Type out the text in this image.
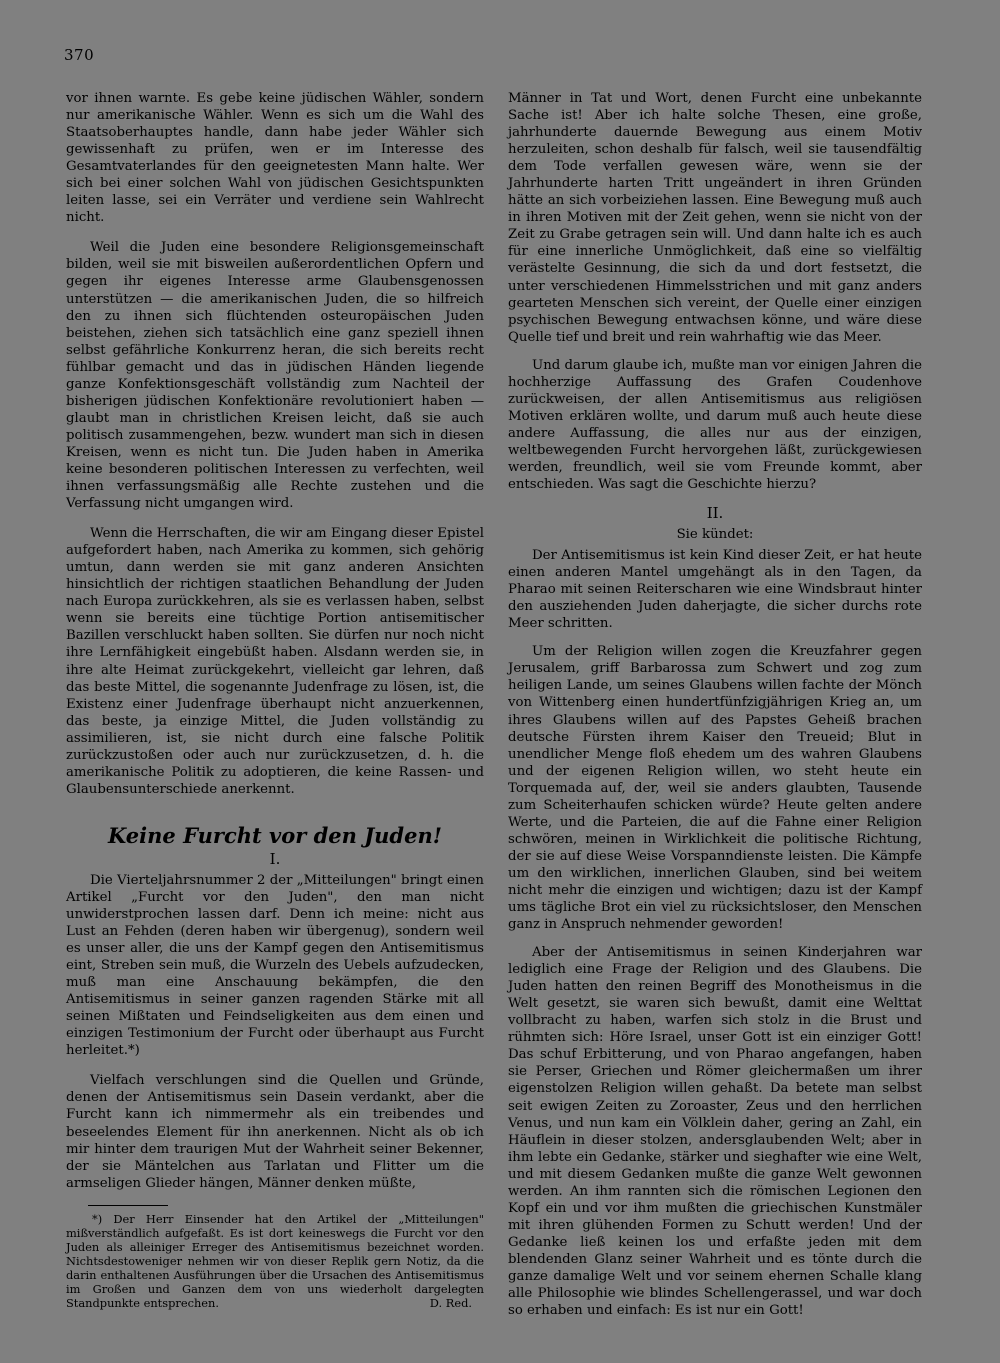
370

vor ihnen warnte. Es gebe keine jüdischen Wähler, sondern nur amerikanische Wähler. Wenn es sich um die Wahl des Staatsoberhauptes handle, dann habe jeder Wähler sich gewissenhaft zu prüfen, wen er im Interesse des Gesamtvaterlandes für den geeignetesten Mann halte. Wer sich bei einer solchen Wahl von jüdischen Gesichtspunkten leiten lasse, sei ein Verräter und verdiene sein Wahlrecht nicht.

Weil die Juden eine besondere Religionsgemeinschaft bilden, weil sie mit bisweilen außerordentlichen Opfern und gegen ihr eigenes Interesse arme Glaubensgenossen unterstützen — die amerikanischen Juden, die so hilfreich den zu ihnen sich flüchtenden osteuropäischen Juden beistehen, ziehen sich tatsächlich eine ganz speziell ihnen selbst gefährliche Konkurrenz heran, die sich bereits recht fühlbar gemacht und das in jüdischen Händen liegende ganze Konfektionsgeschäft vollständig zum Nachteil der bisherigen jüdischen Konfektionäre revolutioniert haben — glaubt man in christlichen Kreisen leicht, daß sie auch politisch zusammengehen, bezw. wundert man sich in diesen Kreisen, wenn es nicht tun. Die Juden haben in Amerika keine besonderen politischen Interessen zu verfechten, weil ihnen verfassungsmäßig alle Rechte zustehen und die Verfassung nicht umgangen wird.

Wenn die Herrschaften, die wir am Eingang dieser Epistel aufgefordert haben, nach Amerika zu kommen, sich gehörig umtun, dann werden sie mit ganz anderen Ansichten hinsichtlich der richtigen staatlichen Behandlung der Juden nach Europa zurückkehren, als sie es verlassen haben, selbst wenn sie bereits eine tüchtige Portion antisemitischer Bazillen verschluckt haben sollten. Sie dürfen nur noch nicht ihre Lernfähigkeit eingebüßt haben. Alsdann werden sie, in ihre alte Heimat zurückgekehrt, vielleicht gar lehren, daß das beste Mittel, die sogenannte Judenfrage zu lösen, ist, die Existenz einer Judenfrage überhaupt nicht anzuerkennen, das beste, ja einzige Mittel, die Juden vollständig zu assimilieren, ist, sie nicht durch eine falsche Politik zurückzustoßen oder auch nur zurückzusetzen, d. h. die amerikanische Politik zu adoptieren, die keine Rassen- und Glaubensunterschiede anerkennt.

Keine Furcht vor den Juden!
I.

Die Vierteljahrsnummer 2 der „Mitteilungen" bringt einen Artikel „Furcht vor den Juden", den man nicht unwiderstprochen lassen darf. Denn ich meine: nicht aus Lust an Fehden (deren haben wir übergenug), sondern weil es unser aller, die uns der Kampf gegen den Antisemitismus eint, Streben sein muß, die Wurzeln des Uebels aufzudecken, muß man eine Anschauung bekämpfen, die den Antisemitismus in seiner ganzen ragenden Stärke mit all seinen Mißtaten und Feindseligkeiten aus dem einen und einzigen Testimonium der Furcht oder überhaupt aus Furcht herleitet.*)

Vielfach verschlungen sind die Quellen und Gründe, denen der Antisemitismus sein Dasein verdankt, aber die Furcht kann ich nimmermehr als ein treibendes und beseelendes Element für ihn anerkennen. Nicht als ob ich mir hinter dem traurigen Mut der Wahrheit seiner Bekenner, der sie Mäntelchen aus Tarlatan und Flitter um die armseligen Glieder hängen, Männer denken müßte,

*) Der Herr Einsender hat den Artikel der „Mitteilungen" mißverständlich aufgefaßt. Es ist dort keineswegs die Furcht vor den Juden als alleiniger Erreger des Antisemitismus bezeichnet worden. Nichtsdestoweniger nehmen wir von dieser Replik gern Notiz, da die darin enthaltenen Ausführungen über die Ursachen des Antisemitismus im Großen und Ganzen dem von uns wiederholt dargelegten Standpunkte entsprechen.	D. Red.

Männer in Tat und Wort, denen Furcht eine unbekannte Sache ist! Aber ich halte solche Thesen, eine große, jahrhunderte dauernde Bewegung aus einem Motiv herzuleiten, schon deshalb für falsch, weil sie tausendfältig dem Tode verfallen gewesen wäre, wenn sie der Jahrhunderte harten Tritt ungeändert in ihren Gründen hätte an sich vorbeiziehen lassen. Eine Bewegung muß auch in ihren Motiven mit der Zeit gehen, wenn sie nicht von der Zeit zu Grabe getragen sein will. Und dann halte ich es auch für eine innerliche Unmöglichkeit, daß eine so vielfältig verästelte Gesinnung, die sich da und dort festsetzt, die unter verschiedenen Himmelsstrichen und mit ganz anders gearteten Menschen sich vereint, der Quelle einer einzigen psychischen Bewegung entwachsen könne, und wäre diese Quelle tief und breit und rein wahrhaftig wie das Meer.

Und darum glaube ich, mußte man vor einigen Jahren die hochherzige Auffassung des Grafen Coudenhove zurückweisen, der allen Antisemitismus aus religiösen Motiven erklären wollte, und darum muß auch heute diese andere Auffassung, die alles nur aus der einzigen, weltbewegenden Furcht hervorgehen läßt, zurückgewiesen werden, freundlich, weil sie vom Freunde kommt, aber entschieden. Was sagt die Geschichte hierzu?

II.
Sie kündet:

Der Antisemitismus ist kein Kind dieser Zeit, er hat heute einen anderen Mantel umgehängt als in den Tagen, da Pharao mit seinen Reiterscharen wie eine Windsbraut hinter den ausziehenden Juden daherjagte, die sicher durchs rote Meer schritten.

Um der Religion willen zogen die Kreuzfahrer gegen Jerusalem, griff Barbarossa zum Schwert und zog zum heiligen Lande, um seines Glaubens willen fachte der Mönch von Wittenberg einen hundertfünfzigjährigen Krieg an, um ihres Glaubens willen auf des Papstes Geheiß brachen deutsche Fürsten ihrem Kaiser den Treueid; Blut in unendlicher Menge floß ehedem um des wahren Glaubens und der eigenen Religion willen, wo steht heute ein Torquemada auf, der, weil sie anders glaubten, Tausende zum Scheiterhaufen schicken würde? Heute gelten andere Werte, und die Parteien, die auf die Fahne einer Religion schwören, meinen in Wirklichkeit die politische Richtung, der sie auf diese Weise Vorspanndienste leisten. Die Kämpfe um den wirklichen, innerlichen Glauben, sind bei weitem nicht mehr die einzigen und wichtigen; dazu ist der Kampf ums tägliche Brot ein viel zu rücksichtsloser, den Menschen ganz in Anspruch nehmender geworden!

Aber der Antisemitismus in seinen Kinderjahren war lediglich eine Frage der Religion und des Glaubens. Die Juden hatten den reinen Begriff des Monotheismus in die Welt gesetzt, sie waren sich bewußt, damit eine Welttat vollbracht zu haben, warfen sich stolz in die Brust und rühmten sich: Höre Israel, unser Gott ist ein einziger Gott! Das schuf Erbitterung, und von Pharao angefangen, haben sie Perser, Griechen und Römer gleichermaßen um ihrer eigenstolzen Religion willen gehaßt. Da betete man selbst seit ewigen Zeiten zu Zoroaster, Zeus und den herrlichen Venus, und nun kam ein Völklein daher, gering an Zahl, ein Häuflein in dieser stolzen, andersglaubenden Welt; aber in ihm lebte ein Gedanke, stärker und sieghafter wie eine Welt, und mit diesem Gedanken mußte die ganze Welt gewonnen werden. An ihm rannten sich die römischen Legionen den Kopf ein und vor ihm mußten die griechischen Kunstmäler mit ihren glühenden Formen zu Schutt werden! Und der Gedanke ließ keinen los und erfaßte jeden mit dem blendenden Glanz seiner Wahrheit und es tönte durch die ganze damalige Welt und vor seinem ehernen Schalle klang alle Philosophie wie blindes Schellengerassel, und war doch so erhaben und einfach: Es ist nur ein Gott!
